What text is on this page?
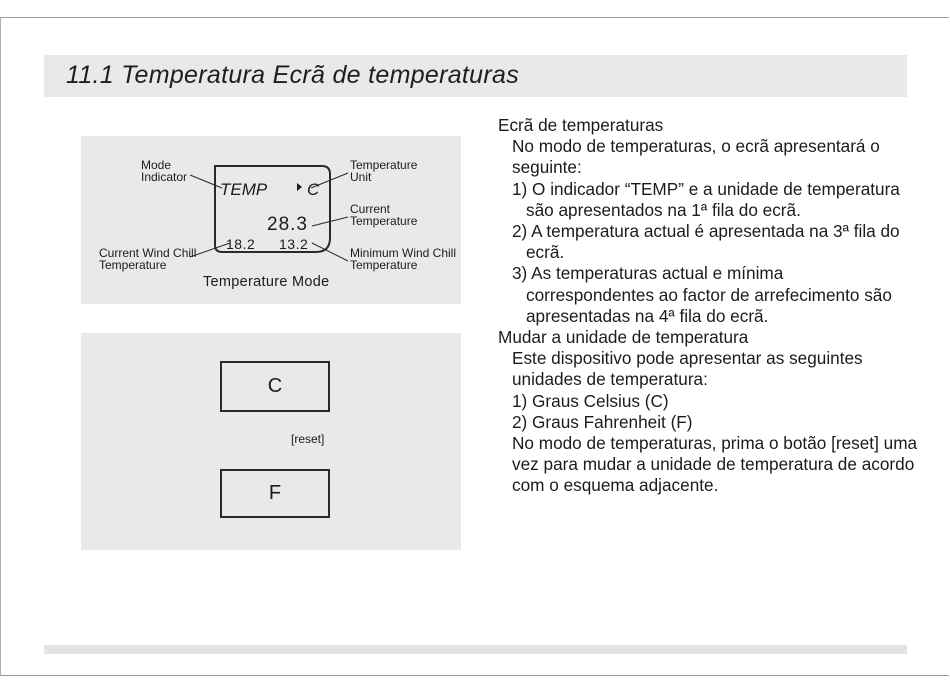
11.1 Temperatura Ecrã de temperaturas
Mode
Indicator
Temperature
Unit
Current
Temperature
Current Wind Chill
Temperature
Minimum Wind Chill
Temperature
TEMP C
28.3
18.2 13.2
Temperature Mode
C
F
[reset]

Ecrã de temperaturas

No modo de temperaturas, o ecrã apresentará o seguinte:

1) O indicador “TEMP” e a unidade de temperatura são apresentados na 1ª fila do ecrã.

2) A temperatura actual é apresentada na 3ª fila do ecrã.

3) As temperaturas actual e mínima correspondentes ao factor de arrefecimento são apresentadas na 4ª fila do ecrã.

Mudar a unidade de temperatura

Este dispositivo pode apresentar as seguintes unidades de temperatura:

1) Graus Celsius (C)

2) Graus Fahrenheit (F)

No modo de temperaturas, prima o botão [reset] uma vez para mudar a unidade de temperatura de acordo com o esquema adjacente.
